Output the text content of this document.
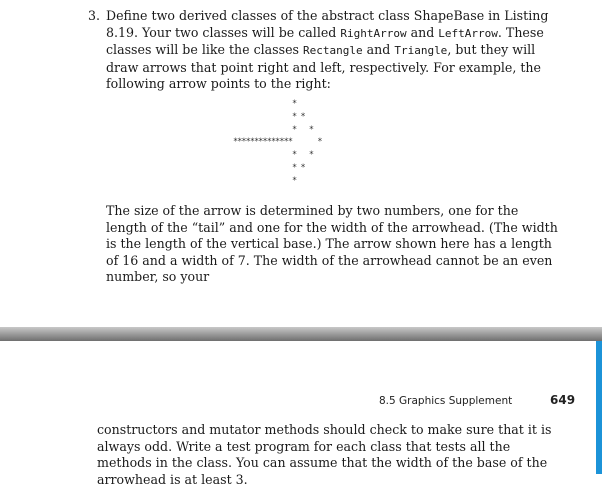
3. Define two derived classes of the abstract class ShapeBase in Listing 8.19. Your two classes will be called RightArrow and LeftArrow. These classes will be like the classes Rectangle and Triangle, but they will draw arrows that point right and left, respectively. For example, the following arrow points to the right:
*
* *
*   *
**************      *
*   *
* *
*
The size of the arrow is determined by two numbers, one for the length of the “tail” and one for the width of the arrowhead. (The width is the length of the vertical base.) The arrow shown here has a length of 16 and a width of 7. The width of the arrowhead cannot be an even number, so your
8.5 Graphics Supplement	649
constructors and mutator methods should check to make sure that it is always odd. Write a test program for each class that tests all the methods in the class. You can assume that the width of the base of the arrowhead is at least 3.
